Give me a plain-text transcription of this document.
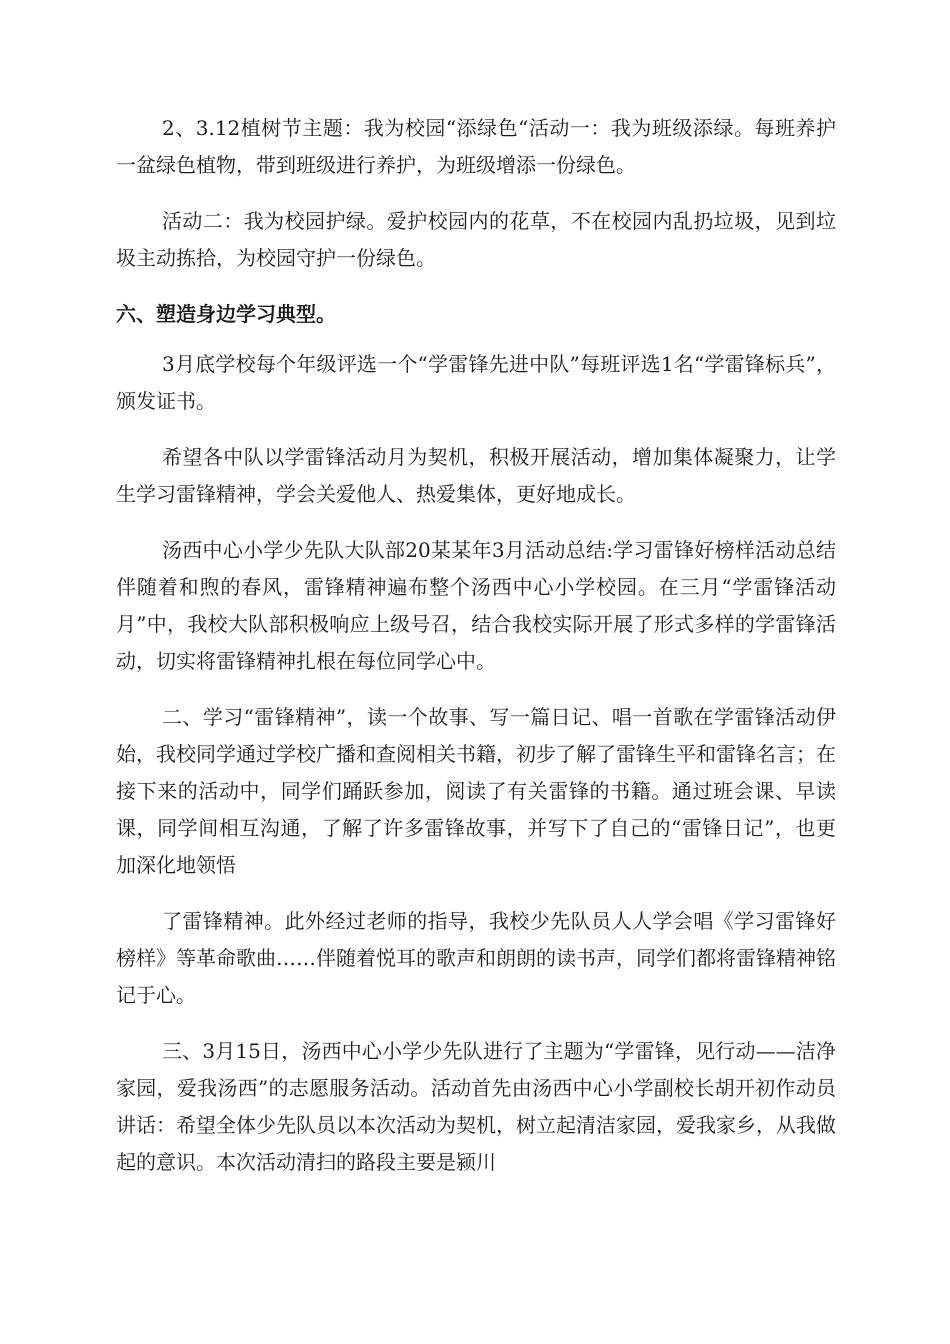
2、3.12植树节主题：我为校园“添绿色“活动一：我为班级添绿。每班养护一盆绿色植物，带到班级进行养护，为班级增添一份绿色。

活动二：我为校园护绿。爱护校园内的花草，不在校园内乱扔垃圾，见到垃圾主动拣拾，为校园守护一份绿色。

六、塑造身边学习典型。

3月底学校每个年级评选一个“学雷锋先进中队”每班评选1名“学雷锋标兵”，颁发证书。

希望各中队以学雷锋活动月为契机，积极开展活动，增加集体凝聚力，让学生学习雷锋精神，学会关爱他人、热爱集体，更好地成长。

汤西中心小学少先队大队部20某某年3月活动总结:学习雷锋好榜样活动总结伴随着和煦的春风，雷锋精神遍布整个汤西中心小学校园。在三月“学雷锋活动月”中，我校大队部积极响应上级号召，结合我校实际开展了形式多样的学雷锋活动，切实将雷锋精神扎根在每位同学心中。

二、学习“雷锋精神”，读一个故事、写一篇日记、唱一首歌在学雷锋活动伊始，我校同学通过学校广播和查阅相关书籍，初步了解了雷锋生平和雷锋名言；在接下来的活动中，同学们踊跃参加，阅读了有关雷锋的书籍。通过班会课、早读课，同学间相互沟通，了解了许多雷锋故事，并写下了自己的“雷锋日记”，也更加深化地领悟

了雷锋精神。此外经过老师的指导，我校少先队员人人学会唱《学习雷锋好榜样》等革命歌曲……伴随着悦耳的歌声和朗朗的读书声，同学们都将雷锋精神铭记于心。

三、3月15日，汤西中心小学少先队进行了主题为“学雷锋，见行动——洁净家园，爱我汤西”的志愿服务活动。活动首先由汤西中心小学副校长胡开初作动员讲话：希望全体少先队员以本次活动为契机，树立起清洁家园，爱我家乡，从我做起的意识。本次活动清扫的路段主要是颍川
